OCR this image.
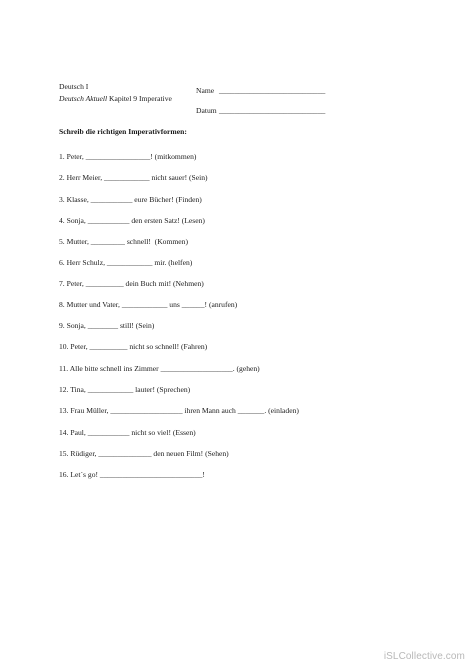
Deutsch I
Deutsch Aktuell Kapitel 9 Imperative
Name ____________________________
Datum ____________________________
Schreib die richtigen Imperativformen:
1. Peter, _________________! (mitkommen)
2. Herr Meier, ____________ nicht sauer! (Sein)
3. Klasse, ___________ eure Bücher! (Finden)
4. Sonja, ___________ den ersten Satz! (Lesen)
5. Mutter, _________ schnell!  (Kommen)
6. Herr Schulz, ____________ mir. (helfen)
7. Peter, __________ dein Buch mit! (Nehmen)
8. Mutter und Vater, ____________ uns ______! (anrufen)
9. Sonja, ________ still! (Sein)
10. Peter, __________ nicht so schnell! (Fahren)
11. Alle bitte schnell ins Zimmer ___________________. (gehen)
12. Tina, ____________ lauter! (Sprechen)
13. Frau Müller, ___________________ ihren Mann auch _______. (einladen)
14. Paul, ___________ nicht so viel! (Essen)
15. Rüdiger, ______________ den neuen Film! (Sehen)
16. Let´s go! ___________________________!
iSLCollective.com
